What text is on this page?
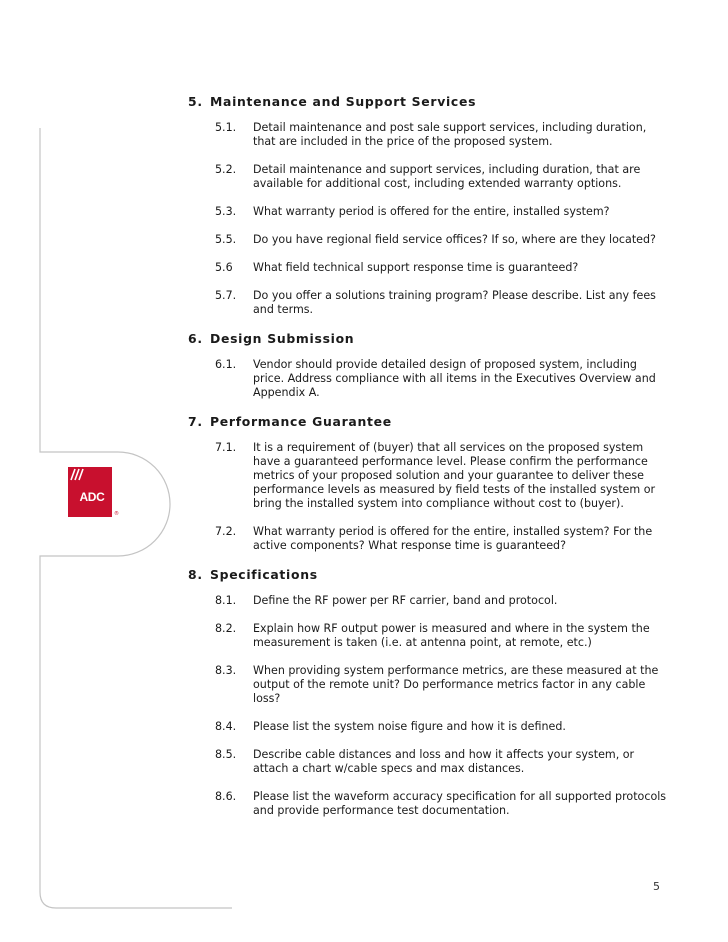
ADC
®
5. Maintenance and Support Services
5.1.	Detail maintenance and post sale support services, including duration, that are included in the price of the proposed system.
5.2.	Detail maintenance and support services, including duration, that are available for additional cost, including extended warranty options.
5.3.	What warranty period is offered for the entire, installed system?
5.5.	Do you have regional field service offices? If so, where are they located?
5.6	What field technical support response time is guaranteed?
5.7.	Do you offer a solutions training program? Please describe. List any fees and terms.
6. Design Submission
6.1.	Vendor should provide detailed design of proposed system, including price. Address compliance with all items in the Executives Overview and Appendix A.
7. Performance Guarantee
7.1.	It is a requirement of (buyer) that all services on the proposed system have a guaranteed performance level. Please confirm the performance metrics of your proposed solution and your guarantee to deliver these performance levels as measured by field tests of the installed system or bring the installed system into compliance without cost to (buyer).
7.2.	What warranty period is offered for the entire, installed system? For the active components? What response time is guaranteed?
8. Specifications
8.1.	Define the RF power per RF carrier, band and protocol.
8.2.	Explain how RF output power is measured and where in the system the measurement is taken (i.e. at antenna point, at remote, etc.)
8.3.	When providing system performance metrics, are these measured at the output of the remote unit? Do performance metrics factor in any cable loss?
8.4.	Please list the system noise figure and how it is defined.
8.5.	Describe cable distances and loss and how it affects your system, or attach a chart w/cable specs and max distances.
8.6.	Please list the waveform accuracy specification for all supported protocols and provide performance test documentation.
5
